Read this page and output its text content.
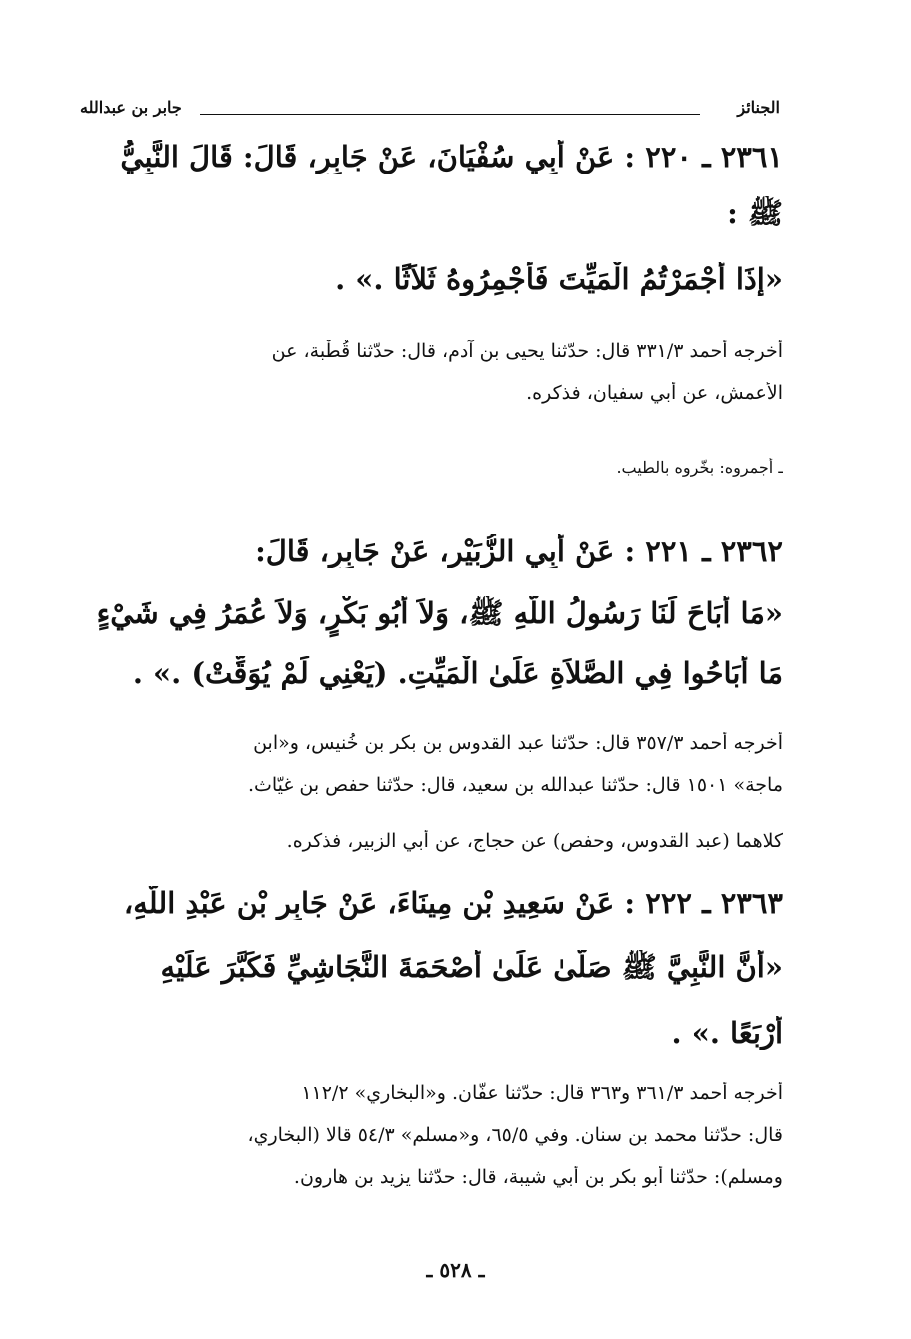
الجنائز
جابر بن عبدالله
٢٣٦١ ـ ٢٢٠ : عَنْ أَبِي سُفْيَانَ، عَنْ جَابِرٍ، قَالَ: قَالَ النَّبِيُّ
ﷺ :
«إِذَا أَجْمَرْتُمُ الْمَيِّتَ فَأَجْمِرُوهُ ثَلاَثًا .» .
أخرجه أحمد ٣٣١/٣ قال: حدّثنا يحيى بن آدم، قال: حدّثنا قُطْبة، عن
الأعمش، عن أبي سفيان، فذكره.
ـ أجمروه: بخّروه بالطيب.
٢٣٦٢ ـ ٢٢١ : عَنْ أَبِي الزُّبَيْرِ، عَنْ جَابِرٍ، قَالَ:
«مَا أَبَاحَ لَنَا رَسُولُ اللَّهِ ﷺ، وَلاَ أَبُو بَكْرٍ، وَلاَ عُمَرُ فِي شَيْءٍ
مَا أَبَاحُوا فِي الصَّلاَةِ عَلَىٰ الْمَيِّتِ. (يَعْنِي لَمْ يُوَقِّتْ) .» .
أخرجه أحمد ٣٥٧/٣ قال: حدّثنا عبد القدوس بن بكر بن خُنيس، و«ابن
ماجة» ١٥٠١ قال: حدّثنا عبدالله بن سعيد، قال: حدّثنا حفص بن غيّاث.
كلاهما (عبد القدوس، وحفص) عن حجاج، عن أبي الزبير، فذكره.
٢٣٦٣ ـ ٢٢٢ : عَنْ سَعِيدِ بْنِ مِينَاءَ، عَنْ جَابِرِ بْنِ عَبْدِ اللَّهِ،
«أَنَّ النَّبِيَّ ﷺ صَلَّىٰ عَلَىٰ أَصْحَمَةَ النَّجَاشِيِّ فَكَبَّرَ عَلَيْهِ
أَرْبَعًا .» .
أخرجه أحمد ٣٦١/٣ و٣٦٣ قال: حدّثنا عفّان. و«البخاري» ١١٢/٢
قال: حدّثنا محمد بن سنان. وفي ٦٥/٥، و«مسلم» ٥٤/٣ قالا (البخاري،
ومسلم): حدّثنا أبو بكر بن أبي شيبة، قال: حدّثنا يزيد بن هارون.
ـ ٥٢٨ ـ
